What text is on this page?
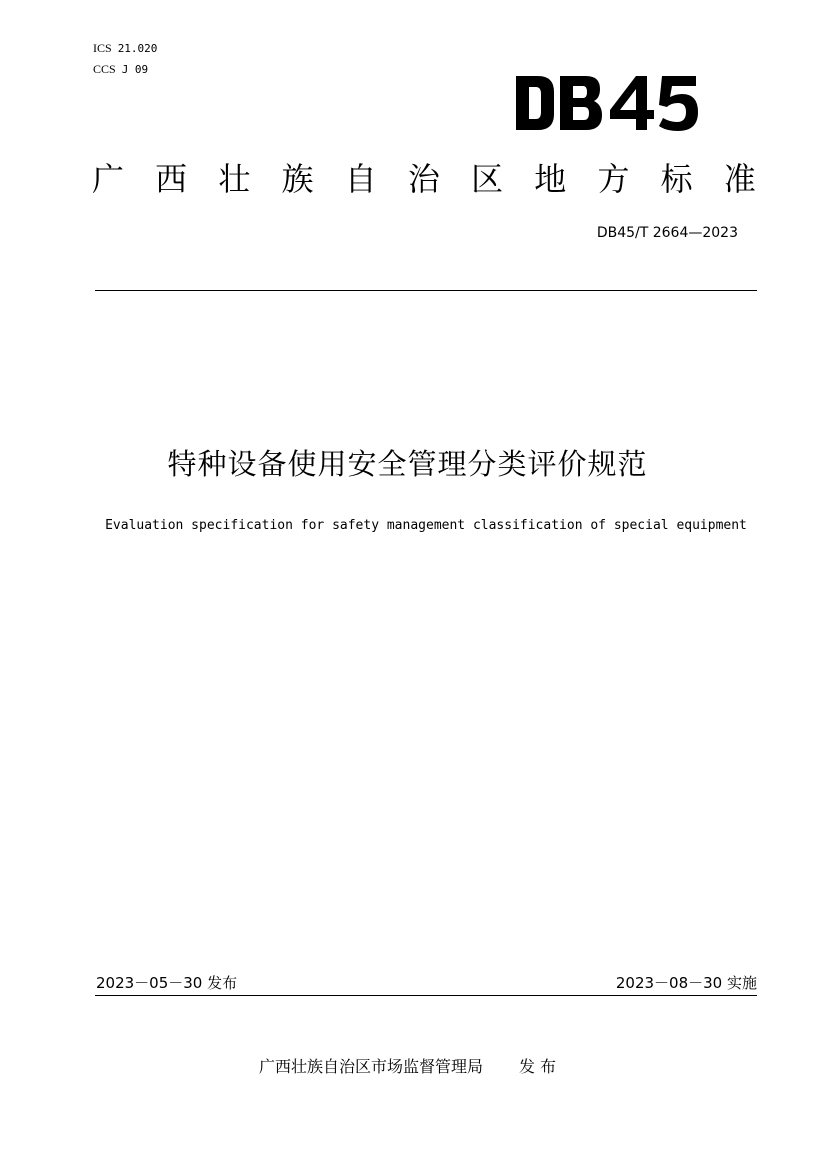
ICS 21.020
CCS J 09	DB45
广 西 壮 族 自 治 区 地 方 标 准
DB45/T 2664—2023
特种设备使用安全管理分类评价规范
Evaluation specification for safety management classification of special equipment
2023－05－30 发布	2023－08－30 实施
广西壮族自治区市场监督管理局 发 布
